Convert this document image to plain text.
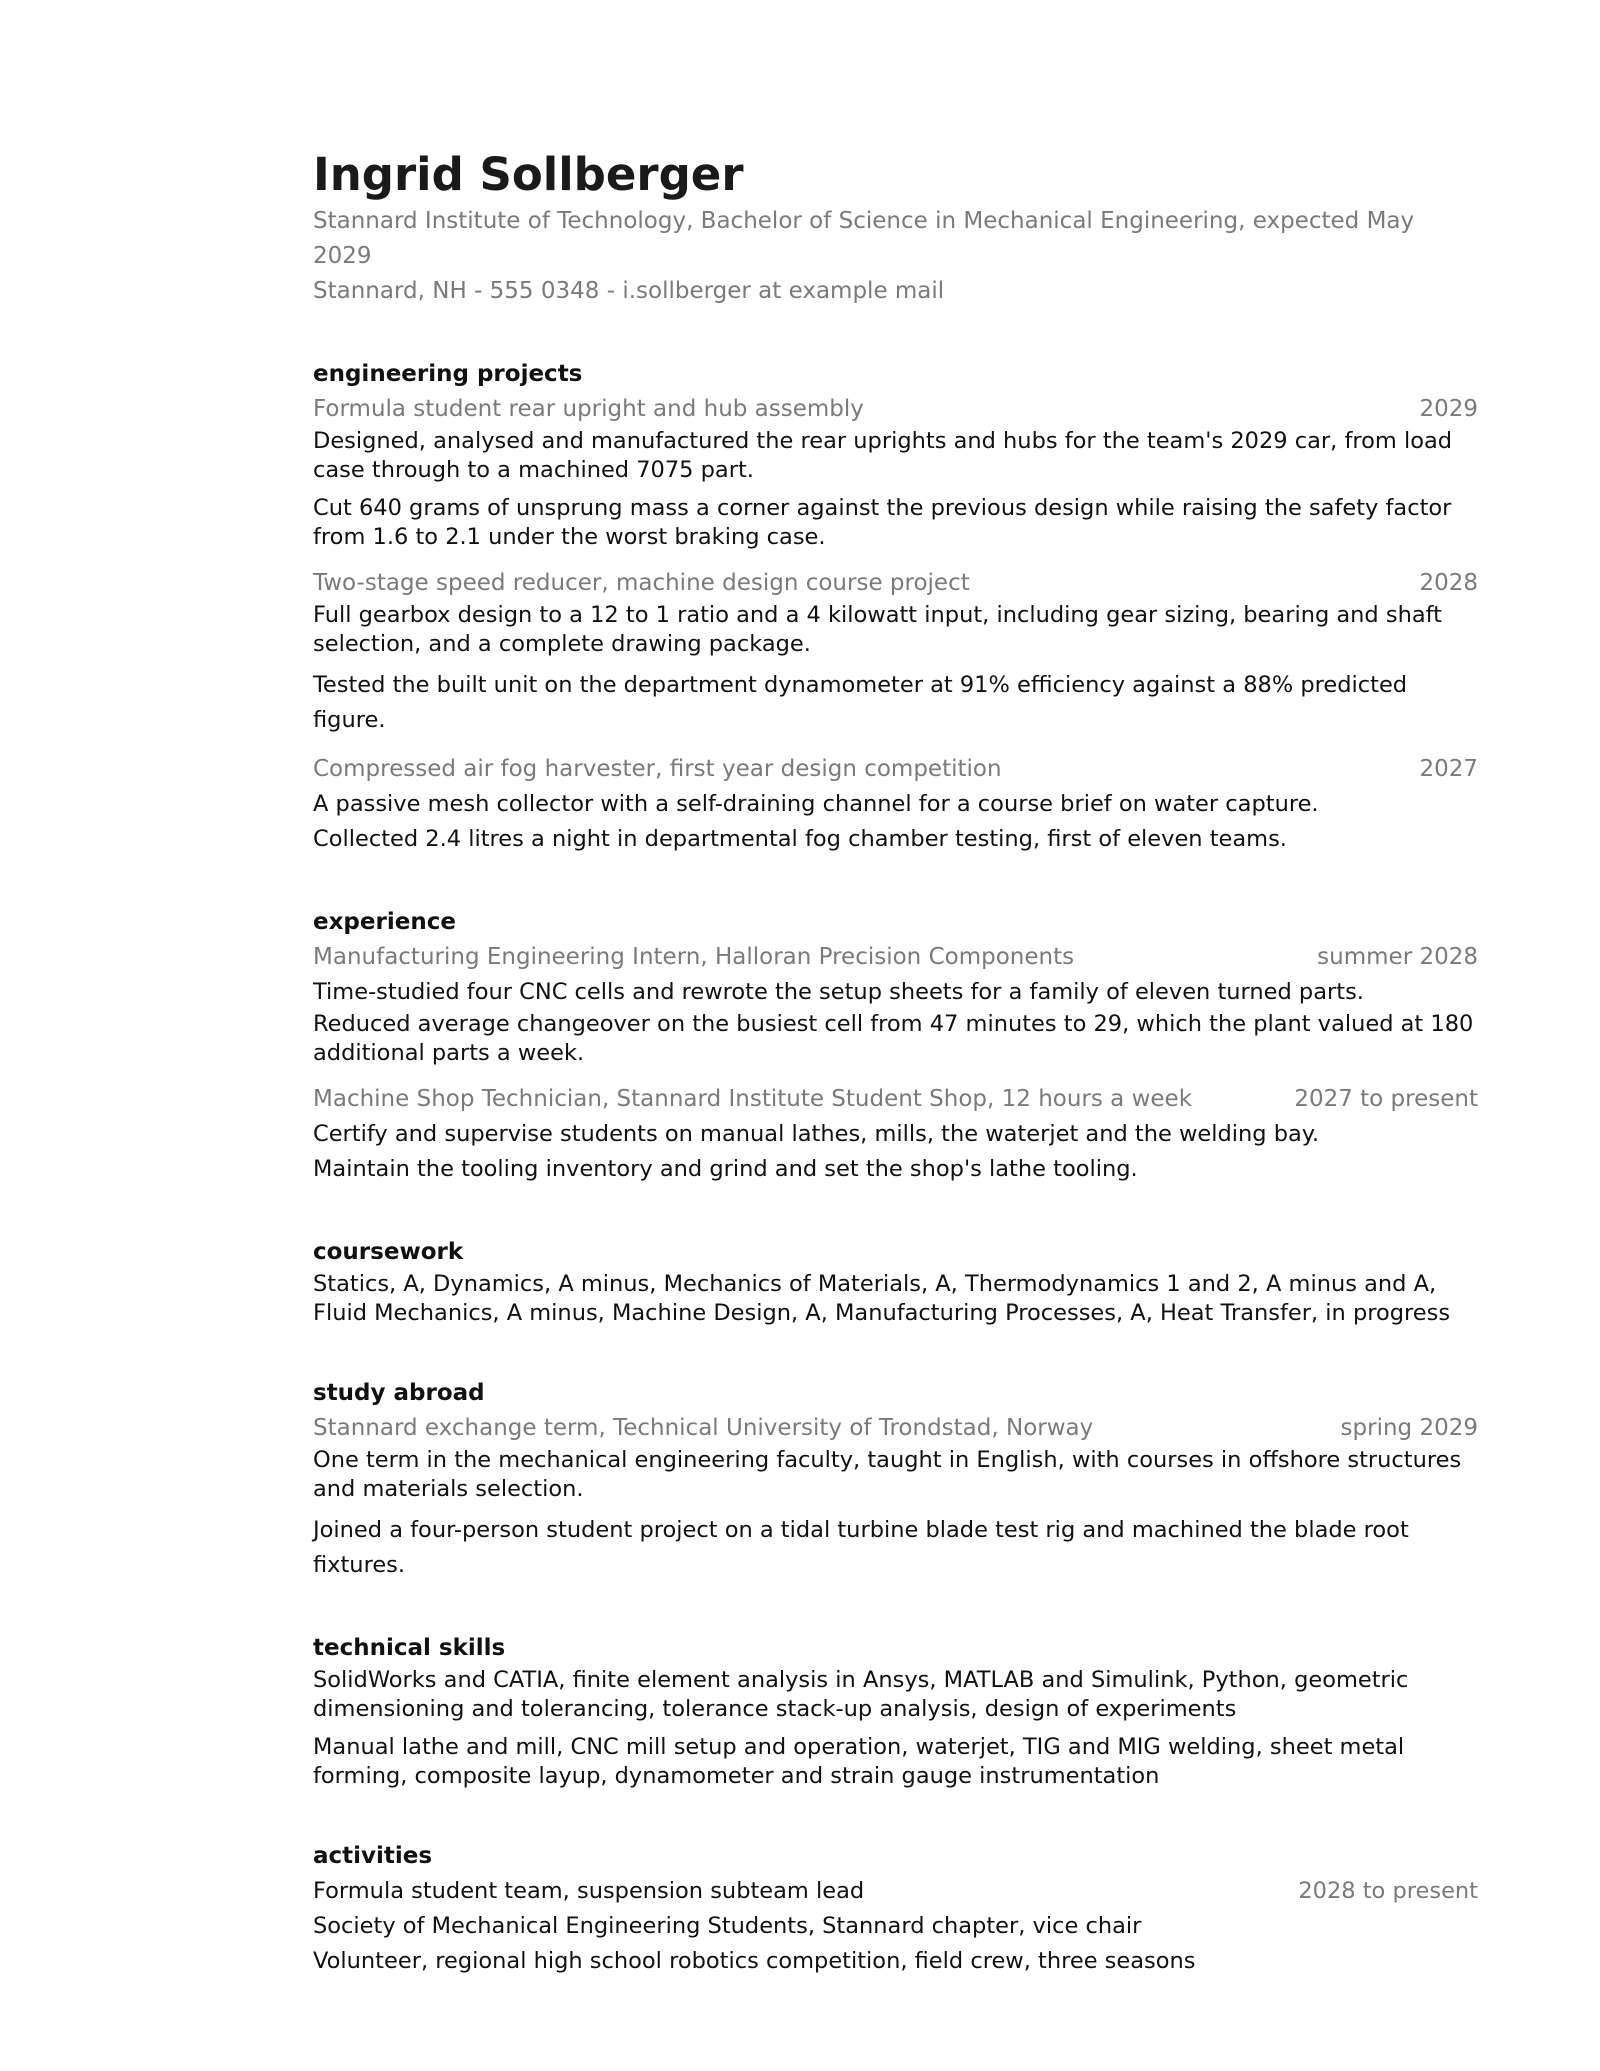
Ingrid Sollberger
Stannard Institute of Technology, Bachelor of Science in Mechanical Engineering, expected May 2029
Stannard, NH - 555 0348 - i.sollberger at example mail
engineering projects
Formula student rear upright and hub assembly	2029
Designed, analysed and manufactured the rear uprights and hubs for the team's 2029 car, from load case through to a machined 7075 part.
Cut 640 grams of unsprung mass a corner against the previous design while raising the safety factor from 1.6 to 2.1 under the worst braking case.
Two-stage speed reducer, machine design course project	2028
Full gearbox design to a 12 to 1 ratio and a 4 kilowatt input, including gear sizing, bearing and shaft selection, and a complete drawing package.
Tested the built unit on the department dynamometer at 91% efficiency against a 88% predicted figure.
Compressed air fog harvester, first year design competition	2027
A passive mesh collector with a self-draining channel for a course brief on water capture.
Collected 2.4 litres a night in departmental fog chamber testing, first of eleven teams.
experience
Manufacturing Engineering Intern, Halloran Precision Components	summer 2028
Time-studied four CNC cells and rewrote the setup sheets for a family of eleven turned parts.
Reduced average changeover on the busiest cell from 47 minutes to 29, which the plant valued at 180 additional parts a week.
Machine Shop Technician, Stannard Institute Student Shop, 12 hours a week	2027 to present
Certify and supervise students on manual lathes, mills, the waterjet and the welding bay.
Maintain the tooling inventory and grind and set the shop's lathe tooling.
coursework
Statics, A, Dynamics, A minus, Mechanics of Materials, A, Thermodynamics 1 and 2, A minus and A, Fluid Mechanics, A minus, Machine Design, A, Manufacturing Processes, A, Heat Transfer, in progress
study abroad
Stannard exchange term, Technical University of Trondstad, Norway	spring 2029
One term in the mechanical engineering faculty, taught in English, with courses in offshore structures and materials selection.
Joined a four-person student project on a tidal turbine blade test rig and machined the blade root fixtures.
technical skills
SolidWorks and CATIA, finite element analysis in Ansys, MATLAB and Simulink, Python, geometric dimensioning and tolerancing, tolerance stack-up analysis, design of experiments
Manual lathe and mill, CNC mill setup and operation, waterjet, TIG and MIG welding, sheet metal forming, composite layup, dynamometer and strain gauge instrumentation
activities
Formula student team, suspension subteam lead	2028 to present
Society of Mechanical Engineering Students, Stannard chapter, vice chair
Volunteer, regional high school robotics competition, field crew, three seasons
